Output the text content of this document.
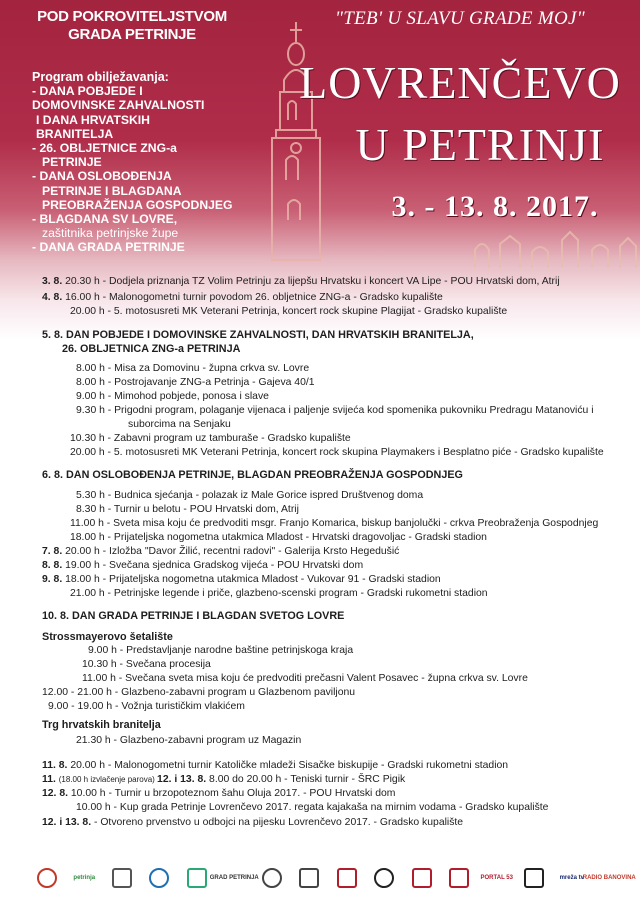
POD POKROVITELJSTVOM
GRADA PETRINJE
Program obilježavanja:
- DANA POBJEDE I
DOMOVINSKE ZAHVALNOSTI
I DANA HRVATSKIH
BRANITELJA
- 26. OBLJETNICE ZNG-a
PETRINJE
- DANA OSLOBOĐENJA
PETRINJE I BLAGDANA
PREOBRAŽENJA GOSPODNJEG
- BLAGDANA SV LOVRE,
zaštitnika petrinjske župe
- DANA GRADA PETRINJE
"TEB' U SLAVU GRADE MOJ"
LOVRENČEVO
U PETRINJI
3. - 13. 8. 2017.
3. 8. 20.30 h - Dodjela priznanja TZ Volim Petrinju za lijepšu Hrvatsku i koncert VA Lipe - POU Hrvatski dom, Atrij
4. 8. 16.00 h - Malonogometni turnir povodom 26. obljetnice ZNG-a - Gradsko kupalište
20.00 h - 5. motosusreti MK Veterani Petrinja, koncert rock skupine Plagijat - Gradsko kupalište
5. 8. DAN POBJEDE I DOMOVINSKE ZAHVALNOSTI, DAN HRVATSKIH BRANITELJA,
26. OBLJETNICA ZNG-a PETRINJA
8.00 h - Misa za Domovinu - župna crkva sv. Lovre
8.00 h - Postrojavanje ZNG-a Petrinja - Gajeva 40/1
9.00 h - Mimohod pobjede, ponosa i slave
9.30 h - Prigodni program, polaganje vijenaca i paljenje svijeća kod spomenika pukovniku Predragu Matanoviću i
suborcima na Senjaku
10.30 h - Zabavni program uz tamburaše - Gradsko kupalište
20.00 h - 5. motosusreti MK Veterani Petrinja, koncert rock skupina Playmakers i Besplatno piće - Gradsko kupalište
6. 8. DAN OSLOBOĐENJA PETRINJE, BLAGDAN PREOBRAŽENJA GOSPODNJEG
5.30 h - Budnica sjećanja - polazak iz Male Gorice ispred Društvenog doma
8.30 h - Turnir u belotu - POU Hrvatski dom, Atrij
11.00 h - Sveta misa koju će predvoditi msgr. Franjo Komarica, biskup banjolučki - crkva Preobraženja Gospodnjeg
18.00 h - Prijateljska nogometna utakmica Mladost - Hrvatski dragovoljac - Gradski stadion
7. 8. 20.00 h - Izložba "Davor Žilić, recentni radovi" - Galerija Krsto Hegedušić
8. 8. 19.00 h - Svečana sjednica Gradskog vijeća - POU Hrvatski dom
9. 8. 18.00 h - Prijateljska nogometna utakmica Mladost - Vukovar 91 - Gradski stadion
21.00 h - Petrinjske legende i priče, glazbeno-scenski program - Gradski rukometni stadion
10. 8. DAN GRADA PETRINJE I BLAGDAN SVETOG LOVRE
Strossmayerovo šetalište
9.00 h - Predstavljanje narodne baštine petrinjskoga kraja
10.30 h - Svečana procesija
11.00 h - Svečana sveta misa koju će predvoditi prečasni Valent Posavec - župna crkva sv. Lovre
12.00 - 21.00 h - Glazbeno-zabavni program u Glazbenom paviljonu
9.00 - 19.00 h - Vožnja turističkim vlakićem
Trg hrvatskih branitelja
21.30 h - Glazbeno-zabavni program uz Magazin
11. 8. 20.00 h - Malonogometni turnir Katoličke mladeži Sisačke biskupije - Gradski rukometni stadion
11. (18.00 h izvlačenje parova) 12. i 13. 8. 8.00 do 20.00 h - Teniski turnir - ŠRC Pigik
12. 8. 10.00 h - Turnir u brzopoteznom šahu Oluja 2017. - POU Hrvatski dom
10.00 h - Kup grada Petrinje Lovrenčevo 2017. regata kajakaša na mirnim vodama - Gradsko kupalište
12. i 13. 8. - Otvoreno prvenstvo u odbojci na pijesku Lovrenčevo 2017. - Gradsko kupalište
petrinja	GRAD PETRINJA	PORTAL 53	mreža tv
RADIO BANOVINA
